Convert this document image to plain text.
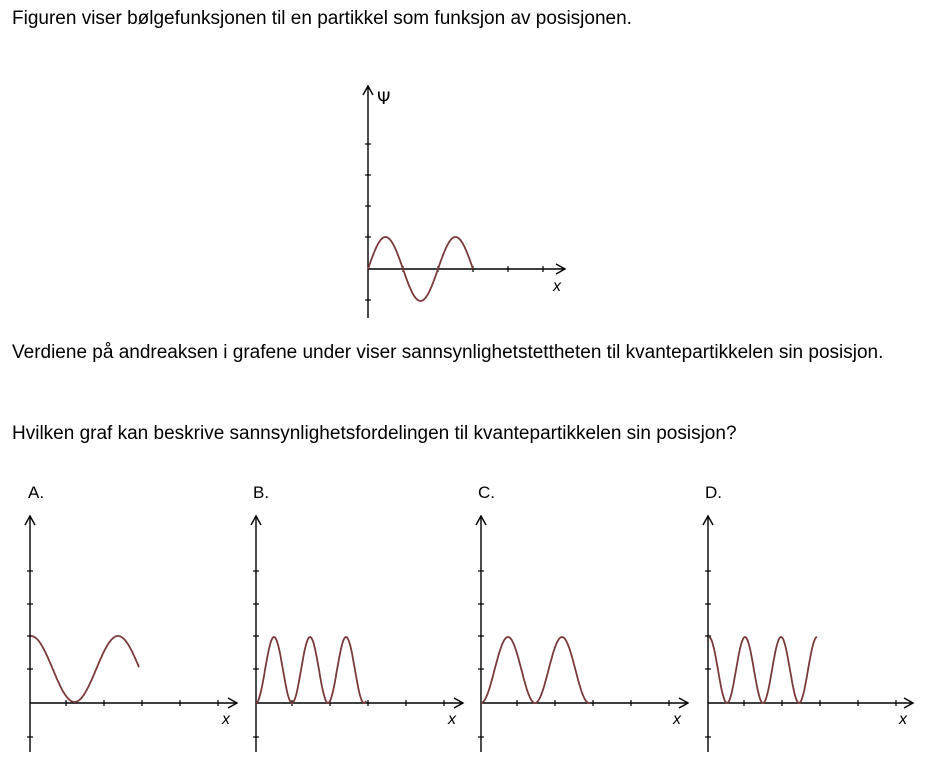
Figuren viser bølgefunksjonen til en partikkel som funksjon av posisjonen.

Verdiene på andreaksen i grafene under viser sannsynlighetstettheten til kvantepartikkelen sin posisjon.

Hvilken graf kan beskrive sannsynlighetsfordelingen til kvantepartikkelen sin posisjon?

A.	B.	C.	D.
Ψ
x
x	x	x	x
